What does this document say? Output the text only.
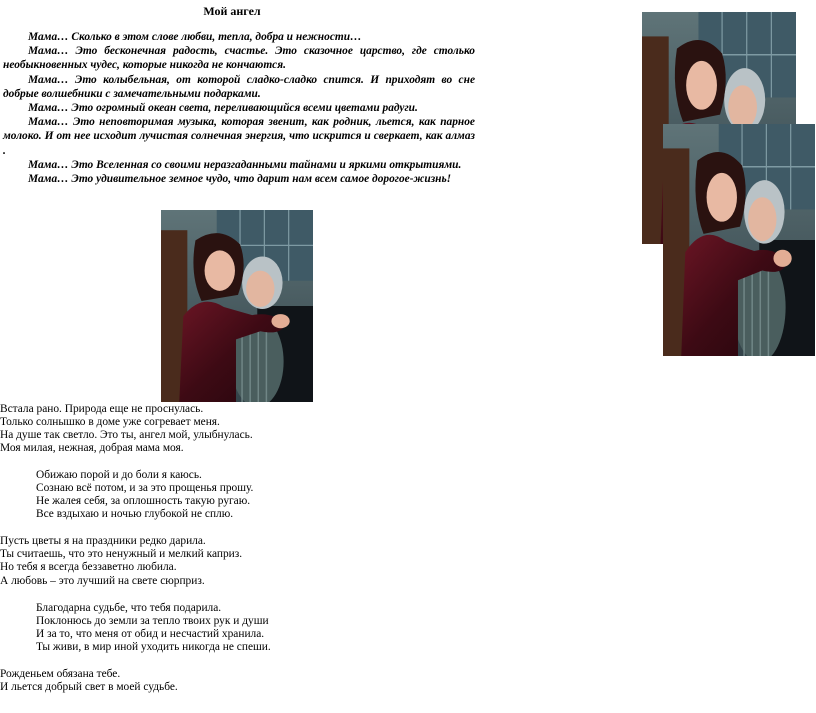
Мой ангел

Мама… Сколько в этом слове любви, тепла, добра и нежности…

Мама… Это бесконечная радость, счастье. Это сказочное царство, где столько необыкновенных чудес, которые никогда не кончаются.

Мама… Это колыбельная, от которой сладко-сладко спится. И приходят во сне добрые волшебники с замечательными подарками.

Мама… Это огромный океан света, переливающийся всеми цветами радуги.

Мама… Это неповторимая музыка, которая звенит, как родник, льется, как парное молоко. И от нее исходит лучистая солнечная энергия, что искрится и сверкает, как алмаз .

Мама… Это Вселенная со своими неразгаданными тайнами и яркими открытиями.

Мама… Это удивительное земное чудо, что дарит нам всем самое дорогое-жизнь!

Встала рано. Природа еще не проснулась.
Только солнышко в доме уже согревает меня.
На душе так светло. Это ты, ангел мой, улыбнулась.
Моя милая, нежная, добрая мама моя.
Обижаю порой и до боли я каюсь.
Сознаю всё потом, и за это прощенья прошу.
Не жалея себя, за оплошность такую ругаю.
Все вздыхаю и ночью глубокой не сплю.
Пусть цветы я на праздники редко дарила.
Ты считаешь, что это ненужный и мелкий каприз.
Но тебя я всегда беззаветно любила.
А любовь – это лучший на свете сюрприз.
Благодарна судьбе, что тебя подарила.
Поклонюсь до земли за тепло твоих рук и души
И за то, что меня от обид и несчастий хранила.
Ты живи, в мир иной уходить никогда не спеши.
Рожденьем обязана тебе.
И льется добрый свет в моей судьбе.
